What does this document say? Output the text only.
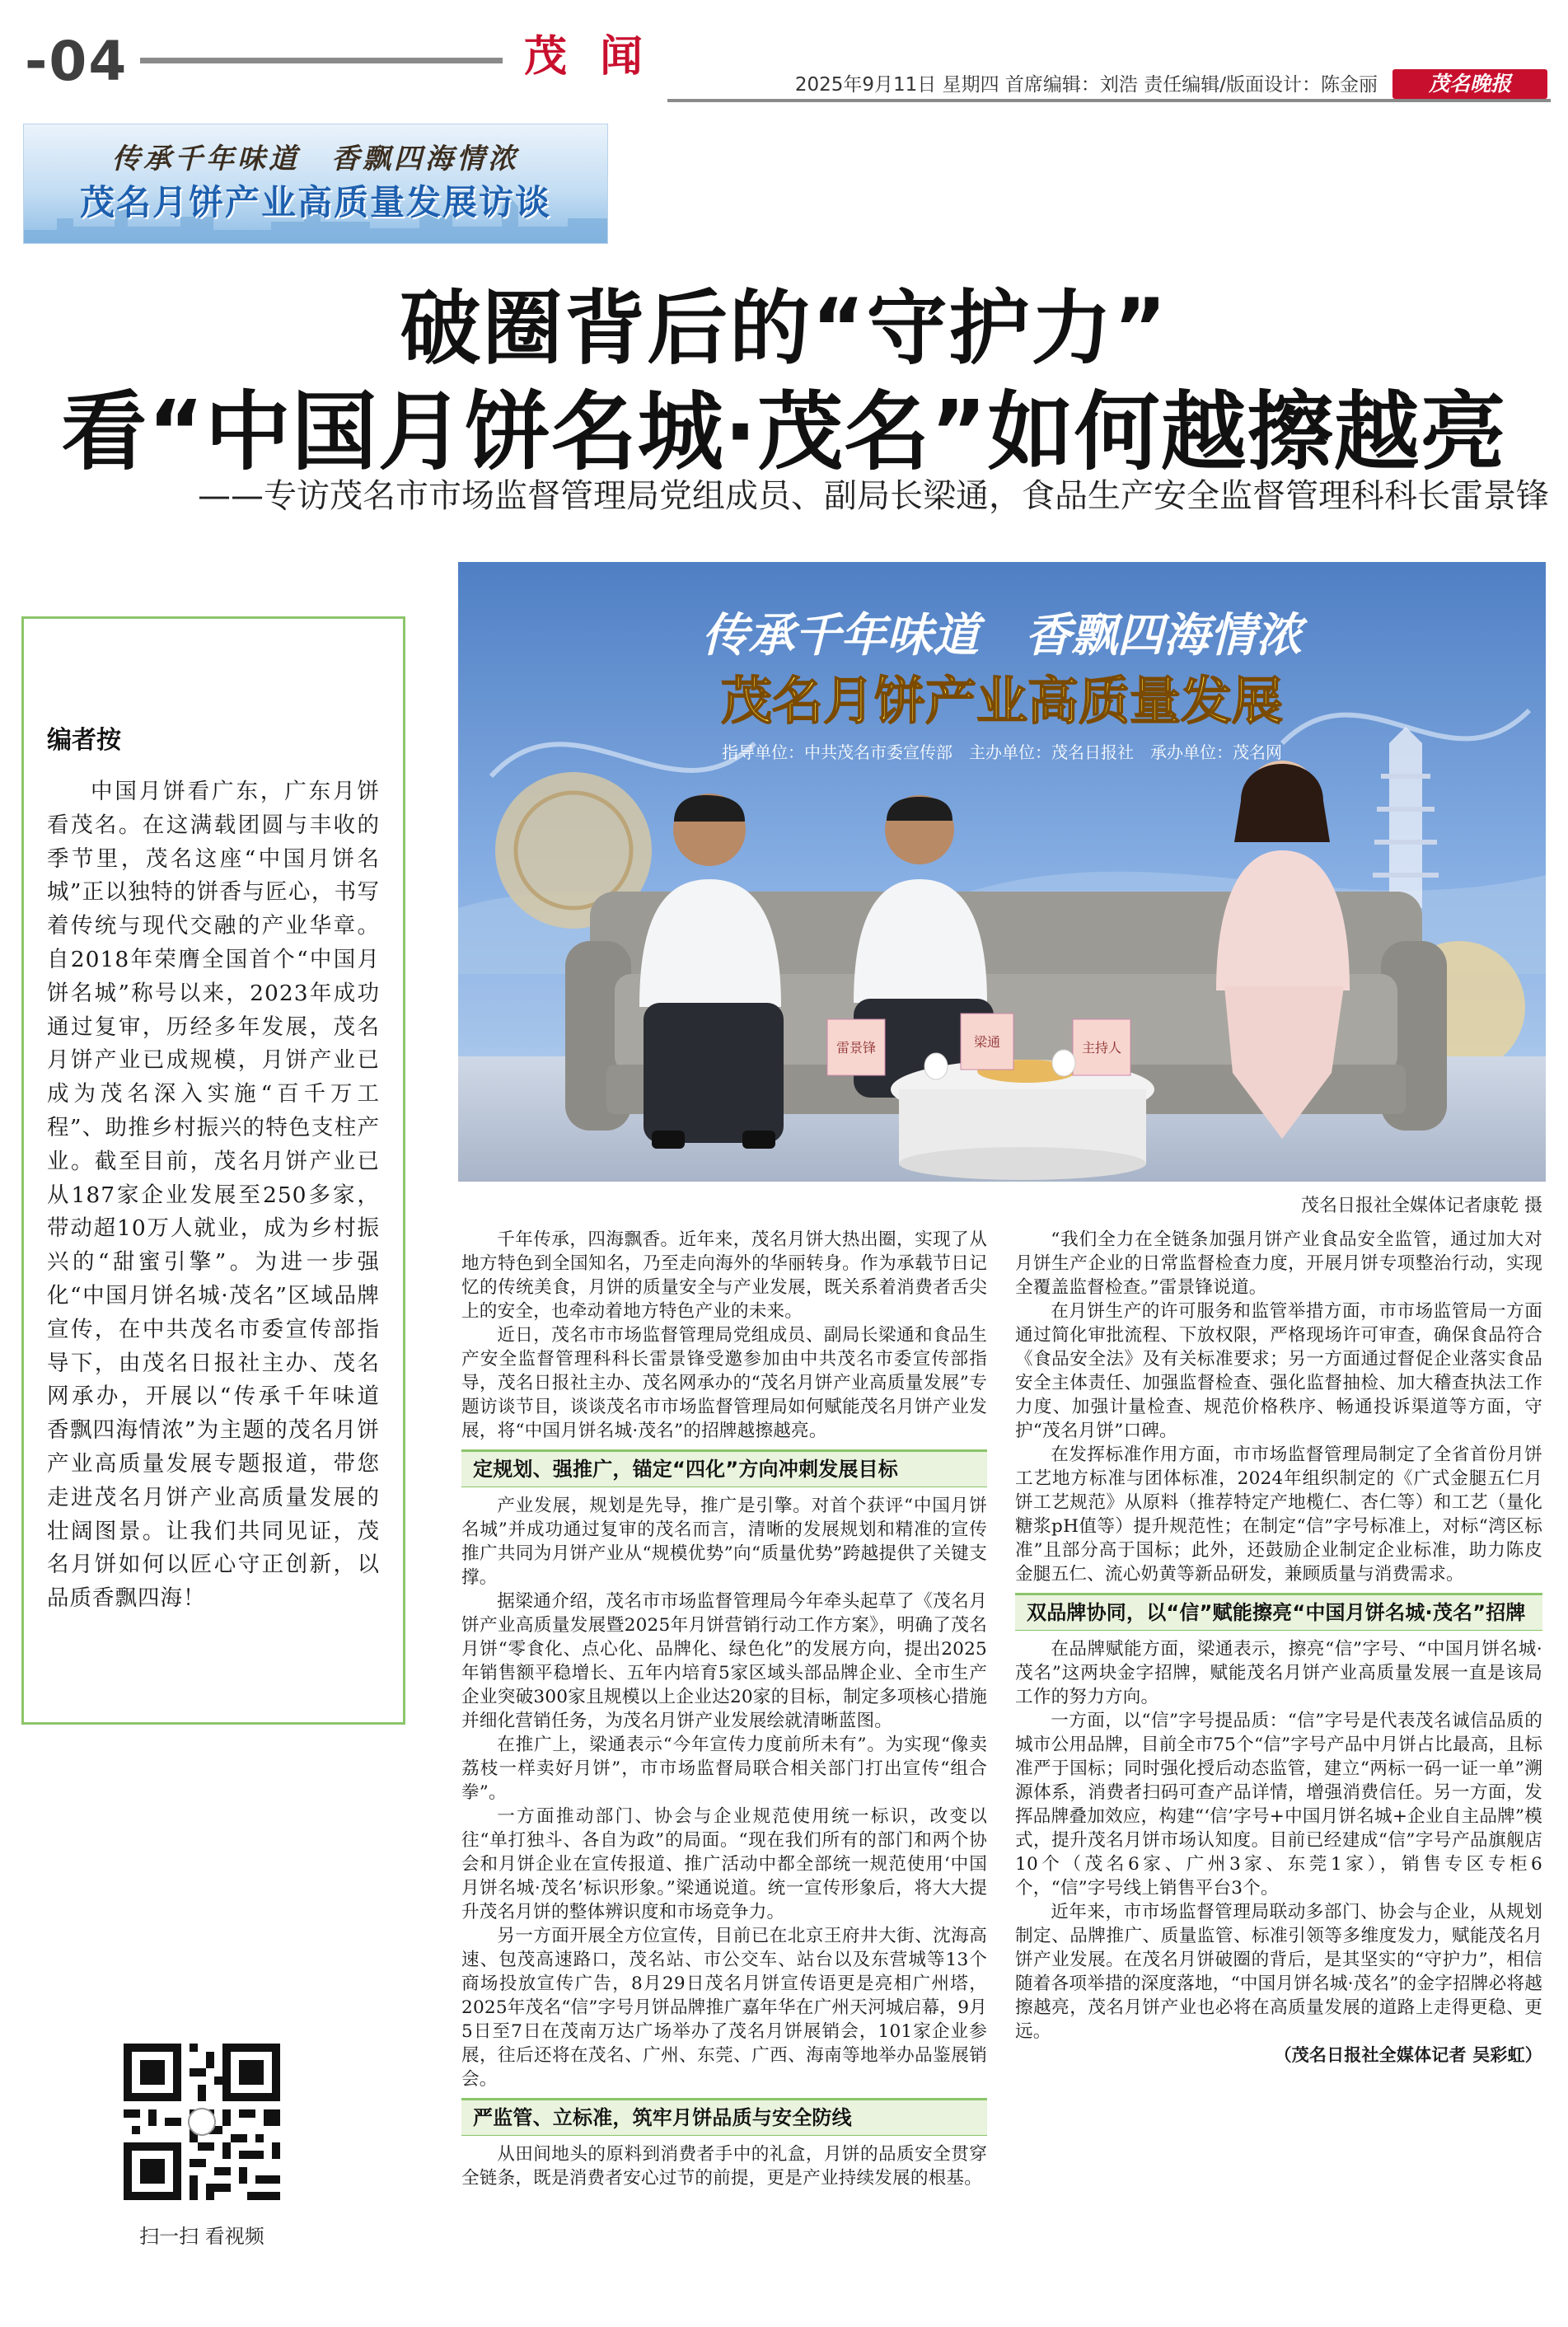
-04	茂 闻
2025年9月11日 星期四 首席编辑：刘浩 责任编辑/版面设计：陈金丽	茂名晚报
传承千年味道　香飘四海情浓
茂名月饼产业高质量发展访谈
破圈背后的“守护力”
看“中国月饼名城·茂名”如何越擦越亮
——专访茂名市市场监督管理局党组成员、副局长梁通，食品生产安全监督管理科科长雷景锋
编者按
中国月饼看广东，广东月饼看茂名。在这满载团圆与丰收的季节里，茂名这座“中国月饼名城”正以独特的饼香与匠心，书写着传统与现代交融的产业华章。自2018年荣膺全国首个“中国月饼名城”称号以来，2023年成功通过复审，历经多年发展，茂名月饼产业已成规模，月饼产业已成为茂名深入实施“百千万工程”、助推乡村振兴的特色支柱产业。截至目前，茂名月饼产业已从187家企业发展至250多家，带动超10万人就业，成为乡村振兴的“甜蜜引擎”。为进一步强化“中国月饼名城·茂名”区域品牌宣传，在中共茂名市委宣传部指导下，由茂名日报社主办、茂名网承办，开展以“传承千年味道　香飘四海情浓”为主题的茂名月饼产业高质量发展专题报道，带您走进茂名月饼产业高质量发展的壮阔图景。让我们共同见证，茂名月饼如何以匠心守正创新，以品质香飘四海！
扫一扫 看视频
传承千年味道　香飘四海情浓
茂名月饼产业高质量发展
指导单位：中共茂名市委宣传部　主办单位：茂名日报社　承办单位：茂名网
雷景锋	梁通	主持人
茂名日报社全媒体记者康乾 摄

千年传承，四海飘香。近年来，茂名月饼大热出圈，实现了从地方特色到全国知名，乃至走向海外的华丽转身。作为承载节日记忆的传统美食，月饼的质量安全与产业发展，既关系着消费者舌尖上的安全，也牵动着地方特色产业的未来。

近日，茂名市市场监督管理局党组成员、副局长梁通和食品生产安全监督管理科科长雷景锋受邀参加由中共茂名市委宣传部指导，茂名日报社主办、茂名网承办的“茂名月饼产业高质量发展”专题访谈节目，谈谈茂名市市场监督管理局如何赋能茂名月饼产业发展，将“中国月饼名城·茂名”的招牌越擦越亮。

定规划、强推广，锚定“四化”方向冲刺发展目标

产业发展，规划是先导，推广是引擎。对首个获评“中国月饼名城”并成功通过复审的茂名而言，清晰的发展规划和精准的宣传推广共同为月饼产业从“规模优势”向“质量优势”跨越提供了关键支撑。

据梁通介绍，茂名市市场监督管理局今年牵头起草了《茂名月饼产业高质量发展暨2025年月饼营销行动工作方案》，明确了茂名月饼“零食化、点心化、品牌化、绿色化”的发展方向，提出2025年销售额平稳增长、五年内培育5家区域头部品牌企业、全市生产企业突破300家且规模以上企业达20家的目标，制定多项核心措施并细化营销任务，为茂名月饼产业发展绘就清晰蓝图。

在推广上，梁通表示“今年宣传力度前所未有”。为实现“像卖荔枝一样卖好月饼”，市市场监督局联合相关部门打出宣传“组合拳”。

一方面推动部门、协会与企业规范使用统一标识，改变以往“单打独斗、各自为政”的局面。“现在我们所有的部门和两个协会和月饼企业在宣传报道、推广活动中都全部统一规范使用‘中国月饼名城·茂名’标识形象。”梁通说道。统一宣传形象后，将大大提升茂名月饼的整体辨识度和市场竞争力。

另一方面开展全方位宣传，目前已在北京王府井大街、沈海高速、包茂高速路口，茂名站、市公交车、站台以及东营城等13个商场投放宣传广告，8月29日茂名月饼宣传语更是亮相广州塔，2025年茂名“信”字号月饼品牌推广嘉年华在广州天河城启幕，9月5日至7日在茂南万达广场举办了茂名月饼展销会，101家企业参展，往后还将在茂名、广州、东莞、广西、海南等地举办品鉴展销会。

严监管、立标准，筑牢月饼品质与安全防线

从田间地头的原料到消费者手中的礼盒，月饼的品质安全贯穿全链条，既是消费者安心过节的前提，更是产业持续发展的根基。

“我们全力在全链条加强月饼产业食品安全监管，通过加大对月饼生产企业的日常监督检查力度，开展月饼专项整治行动，实现全覆盖监督检查。”雷景锋说道。

在月饼生产的许可服务和监管举措方面，市市场监管局一方面通过简化审批流程、下放权限，严格现场许可审查，确保食品符合《食品安全法》及有关标准要求；另一方面通过督促企业落实食品安全主体责任、加强监督检查、强化监督抽检、加大稽查执法工作力度、加强计量检查、规范价格秩序、畅通投诉渠道等方面，守护“茂名月饼”口碑。

在发挥标准作用方面，市市场监督管理局制定了全省首份月饼工艺地方标准与团体标准，2024年组织制定的《广式金腿五仁月饼工艺规范》从原料（推荐特定产地榄仁、杏仁等）和工艺（量化糖浆pH值等）提升规范性；在制定“信”字号标准上，对标“湾区标准”且部分高于国标；此外，还鼓励企业制定企业标准，助力陈皮金腿五仁、流心奶黄等新品研发，兼顾质量与消费需求。

双品牌协同，以“信”赋能擦亮“中国月饼名城·茂名”招牌

在品牌赋能方面，梁通表示，擦亮“信”字号、“中国月饼名城·茂名”这两块金字招牌，赋能茂名月饼产业高质量发展一直是该局工作的努力方向。

一方面，以“信”字号提品质：“信”字号是代表茂名诚信品质的城市公用品牌，目前全市75个“信”字号产品中月饼占比最高，且标准严于国标；同时强化授后动态监管，建立“两标一码一证一单”溯源体系，消费者扫码可查产品详情，增强消费信任。另一方面，发挥品牌叠加效应，构建“‘信’字号+中国月饼名城+企业自主品牌”模式，提升茂名月饼市场认知度。目前已经建成“信”字号产品旗舰店10个（茂名6家、广州3家、东莞1家），销售专区专柜6个，“信”字号线上销售平台3个。

近年来，市市场监督管理局联动多部门、协会与企业，从规划制定、品牌推广、质量监管、标准引领等多维度发力，赋能茂名月饼产业发展。在茂名月饼破圈的背后，是其坚实的“守护力”，相信随着各项举措的深度落地，“中国月饼名城·茂名”的金字招牌必将越擦越亮，茂名月饼产业也必将在高质量发展的道路上走得更稳、更远。

（茂名日报社全媒体记者 吴彩虹）
